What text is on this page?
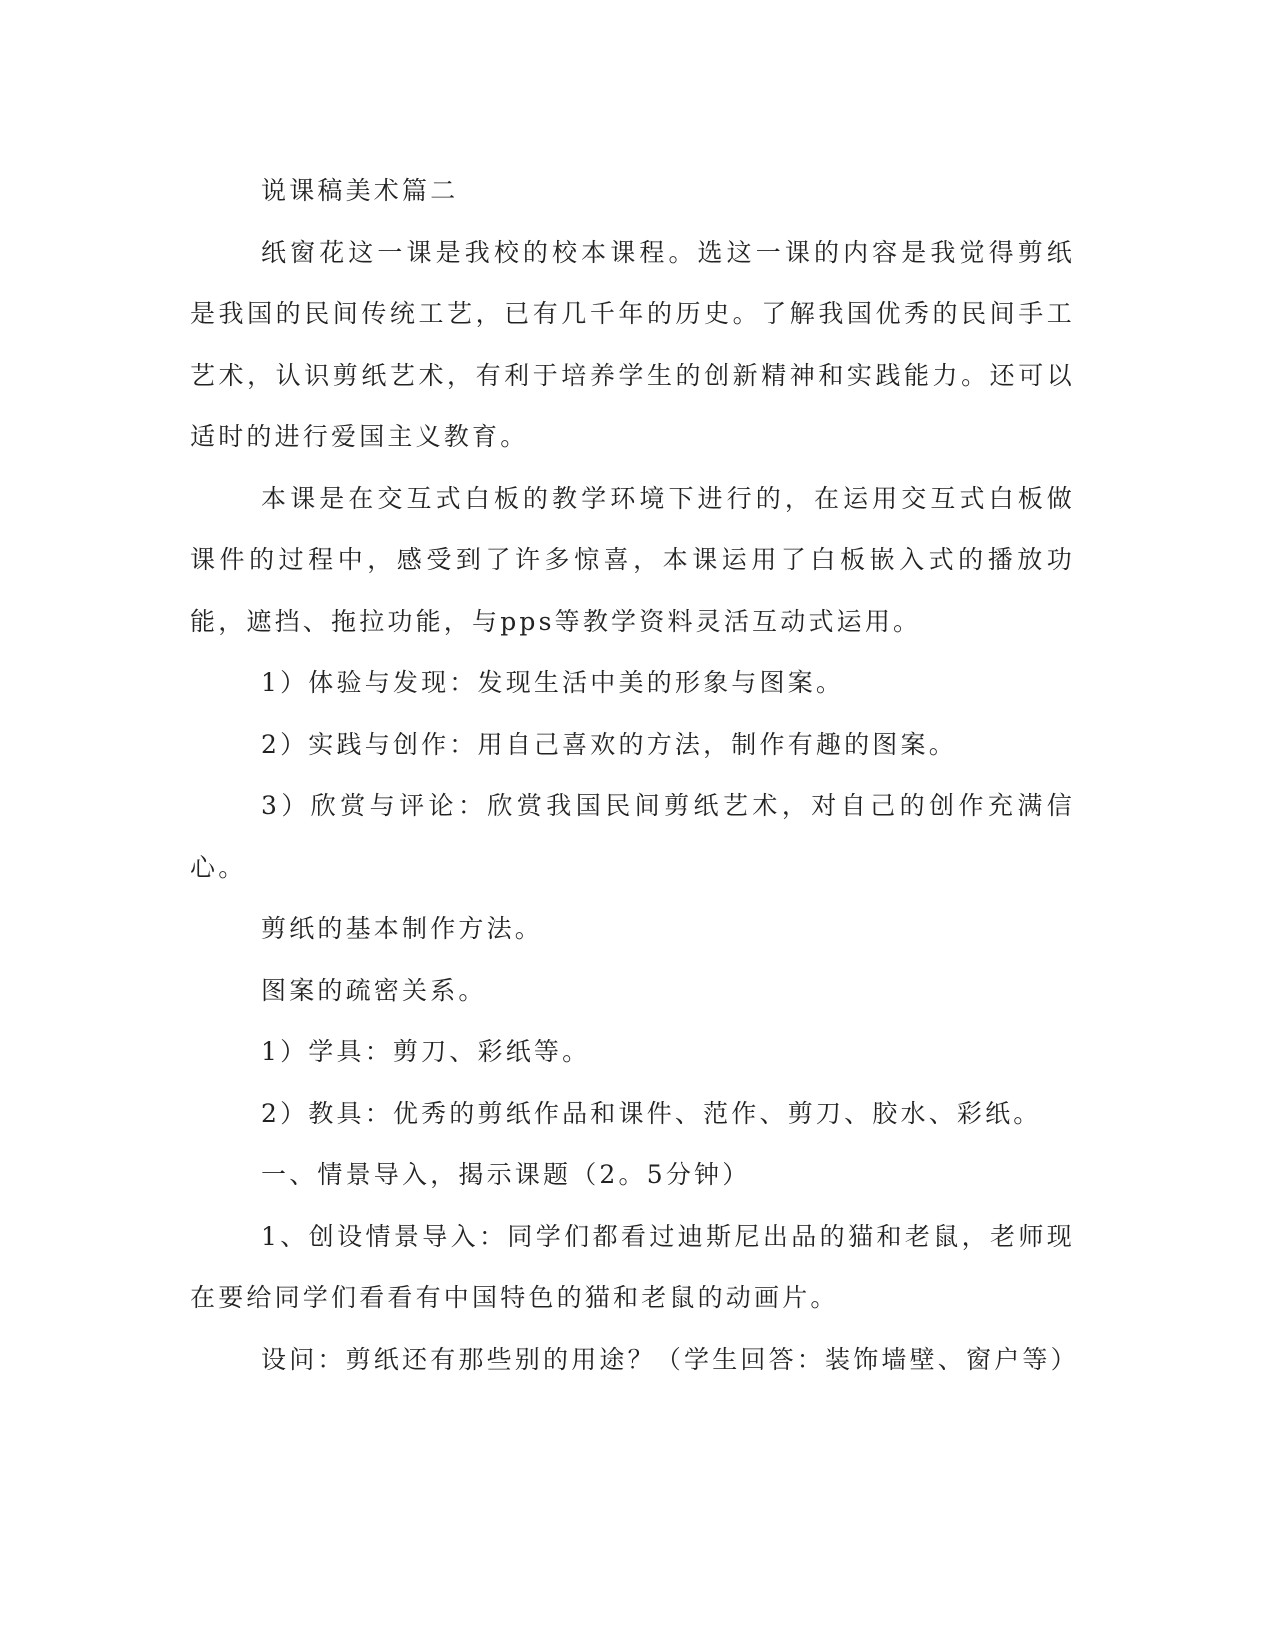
说课稿美术篇二

纸窗花这一课是我校的校本课程。选这一课的内容是我觉得剪纸是我国的民间传统工艺，已有几千年的历史。了解我国优秀的民间手工艺术，认识剪纸艺术，有利于培养学生的创新精神和实践能力。还可以适时的进行爱国主义教育。

本课是在交互式白板的教学环境下进行的，在运用交互式白板做课件的过程中，感受到了许多惊喜，本课运用了白板嵌入式的播放功能，遮挡、拖拉功能，与pps等教学资料灵活互动式运用。

1）体验与发现：发现生活中美的形象与图案。

2）实践与创作：用自己喜欢的方法，制作有趣的图案。

3）欣赏与评论：欣赏我国民间剪纸艺术，对自己的创作充满信心。

剪纸的基本制作方法。

图案的疏密关系。

1）学具：剪刀、彩纸等。

2）教具：优秀的剪纸作品和课件、范作、剪刀、胶水、彩纸。

一、情景导入，揭示课题（2。5分钟）

1、创设情景导入：同学们都看过迪斯尼出品的猫和老鼠，老师现在要给同学们看看有中国特色的猫和老鼠的动画片。

设问：剪纸还有那些别的用途？（学生回答：装饰墙壁、窗户等）
